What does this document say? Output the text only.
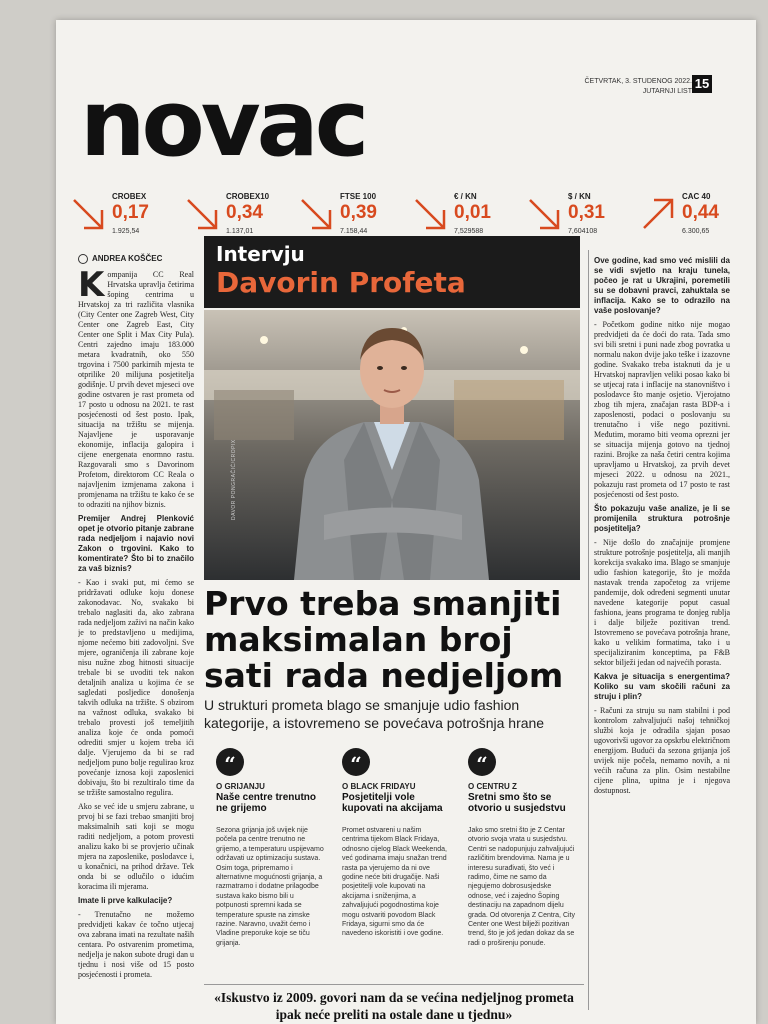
novac	ČETVRTAK, 3. STUDENOG 2022. JUTARNJI LIST
15
CROBEX
0,17
1.925,54
CROBEX10
0,34
1.137,01
FTSE 100
0,39
7.158,44
€ / KN
0,01
7,529588
$ / KN
0,31
7,604108
CAC 40
0,44
6.300,65
ANDREA KOŠČEC

Kompanija CC Real Hrvatska upravlja četirima šoping centrima u Hrvatskoj za tri različita vlasnika (City Center one Zagreb West, City Center one Zagreb East, City Center one Split i Max City Pula). Centri zajedno imaju 183.000 metara kvadratnih, oko 550 trgovina i 7500 parkirnih mjesta te otprilike 20 milijuna posjetitelja godišnje. U prvih devet mjeseci ove godine ostvaren je rast prometa od 17 posto u odnosu na 2021. te rast posjećenosti od šest posto. Ipak, situacija na tržištu se mijenja. Najavljene je usporavanje ekonomije, inflacija galopira i cijene energenata enormno rastu. Razgovarali smo s Davorinom Profetom, direktorom CC Reala o najavljenim izmjenama zakona i promjenama na tržištu te kako će se to odraziti na njihov biznis.

Premijer Andrej Plenković opet je otvorio pitanje zabrane rada nedjeljom i najavio novi Zakon o trgovini. Kako to komentirate? Što bi to značilo za vaš biznis?

- Kao i svaki put, mi ćemo se pridržavati odluke koju donese zakonodavac. No, svakako bi trebalo naglasiti da, ako zabrana rada nedjeljom zaživi na način kako je to predstavljeno u medijima, njome nećemo biti zadovoljni. Sve mjere, ograničenja ili zabrane koje nisu nužne zbog hitnosti situacije trebale bi se uvoditi tek nakon detaljnih analiza u kojima će se sagledati posljedice donošenja takvih odluka na tržište. S obzirom na važnost odluka, svakako bi trebalo provesti još temeljitih analiza koje će onda pomoći odrediti smjer u kojem treba ići dalje. Vjerujemo da bi se rad nedjeljom puno bolje regulirao kroz povećanje iznosa koji zaposlenici dobivaju, što bi rezultiralo time da se tržište samostalno regulira.

Ako se već ide u smjeru zabrane, u prvoj bi se fazi trebao smanjiti broj maksimalnih sati koji se mogu raditi nedjeljom, a potom provesti analizu kako bi se provjerio učinak mjera na zaposlenike, poslodavce i, u konačnici, na prihod države. Tek onda bi se odlučilo o idućim koracima ili mjerama.

Imate li prve kalkulacije?

- Trenutačno ne možemo predvidjeti kakav će točno utjecaj ova zabrana imati na rezultate naših centara. Po ostvarenim prometima, nedjelja je nakon subote drugi dan u tjednu i nosi više od 15 posto posjećenosti i prometa.

Intervju
Davorin Profeta
DAVOR PONGRAČIĆ/CROPIX
Prvo treba smanjiti maksimalan broj sati rada nedjeljom
U strukturi prometa blago se smanjuje udio fashion kategorije, a istovremeno se povećava potrošnja hrane
“
O GRIJANJU
Naše centre trenutno ne grijemo
Sezona grijanja još uvijek nije počela pa centre trenutno ne grijemo, a temperaturu uspijevamo održavati uz optimizaciju sustava. Osim toga, pripremamo i alternativne mogućnosti grijanja, a razmatramo i dodatne prilagodbe sustava kako bismo bili u potpunosti spremni kada se temperature spuste na zimske razine. Naravno, uvažit ćemo i Vladine preporuke koje se tiču grijanja.
“
O BLACK FRIDAYU
Posjetitelji vole kupovati na akcijama
Promet ostvareni u našim centrima tijekom Black Fridaya, odnosno cijelog Black Weekenda, već godinama imaju snažan trend rasta pa vjerujemo da ni ove godine neće biti drugačije. Naši posjetitelji vole kupovati na akcijama i sniženjima, a zahvaljujući pogodnostima koje mogu ostvariti povodom Black Fridaya, sigurni smo da će navedeno iskoristiti i ove godine.
“
O CENTRU Z
Sretni smo što se otvorio u susjedstvu
Jako smo sretni što je Z Centar otvorio svoja vrata u susjedstvu. Centri se nadopunjuju zahvaljujući različitim brendovima. Nama je u interesu surađivati, što već i radimo, čime ne samo da njegujemo dobrosusjedske odnose, već i zajedno Šoping destinaciju na zapadnom dijelu grada. Od otvorenja Z Centra, City Center one West bilježi pozitivan trend, što je još jedan dokaz da se radi o proširenju ponude.
«Iskustvo iz 2009. govori nam da se većina nedjeljnog prometa ipak neće preliti na ostale dane u tjednu»

Ove godine, kad smo već mislili da se vidi svjetlo na kraju tunela, počeo je rat u Ukrajini, poremetili su se dobavni pravci, zahuktala se inflacija. Kako se to odrazilo na vaše poslovanje?

- Početkom godine nitko nije mogao predvidjeti da će doći do rata. Tada smo svi bili sretni i puni nade zbog povratka u normalu nakon dvije jako teške i izazovne godine. Svakako treba istaknuti da je u Hrvatskoj napravljen veliki posao kako bi se utjecaj rata i inflacije na stanovništvo i poslodavce što manje osjetio. Vjerojatno zbog tih mjera, značajan rasta BDP-a i zaposlenosti, podaci o poslovanju su trenutačno i više nego pozitivni. Međutim, moramo biti veoma oprezni jer se situacija mijenja gotovo na tjednoj razini. Brojke za naša četiri centra kojima upravljamo u Hrvatskoj, za prvih devet mjeseci 2022. u odnosu na 2021., pokazuju rast prometa od 17 posto te rast posjećenosti od šest posto.

Što pokazuju vaše analize, je li se promijenila struktura potrošnje posjetitelja?

- Nije došlo do značajnije promjene strukture potrošnje posjetitelja, ali manjih korekcija svakako ima. Blago se smanjuje udio fashion kategorije, što je možda nastavak trenda započetog za vrijeme pandemije, dok određeni segmenti unutar navedene kategorije poput casual fashiona, jeans programa te donjeg rublja i dalje bilježe pozitivan trend. Istovremeno se povećava potrošnja hrane, kako u velikim formatima, tako i u specijaliziranim konceptima, pa F&B sektor bilježi jedan od najvećih porasta.

Kakva je situacija s energentima? Koliko su vam skočili računi za struju i plin?

- Računi za struju su nam stabilni i pod kontrolom zahvaljujući našoj tehničkoj službi koja je odradila sjajan posao ugovorivši ugovor za opskrbu električnom energijom. Budući da sezona grijanja još uvijek nije počela, nemamo novih, a ni većih računa za plin. Osim nestabilne cijene plina, upitna je i njegova dostupnost.
